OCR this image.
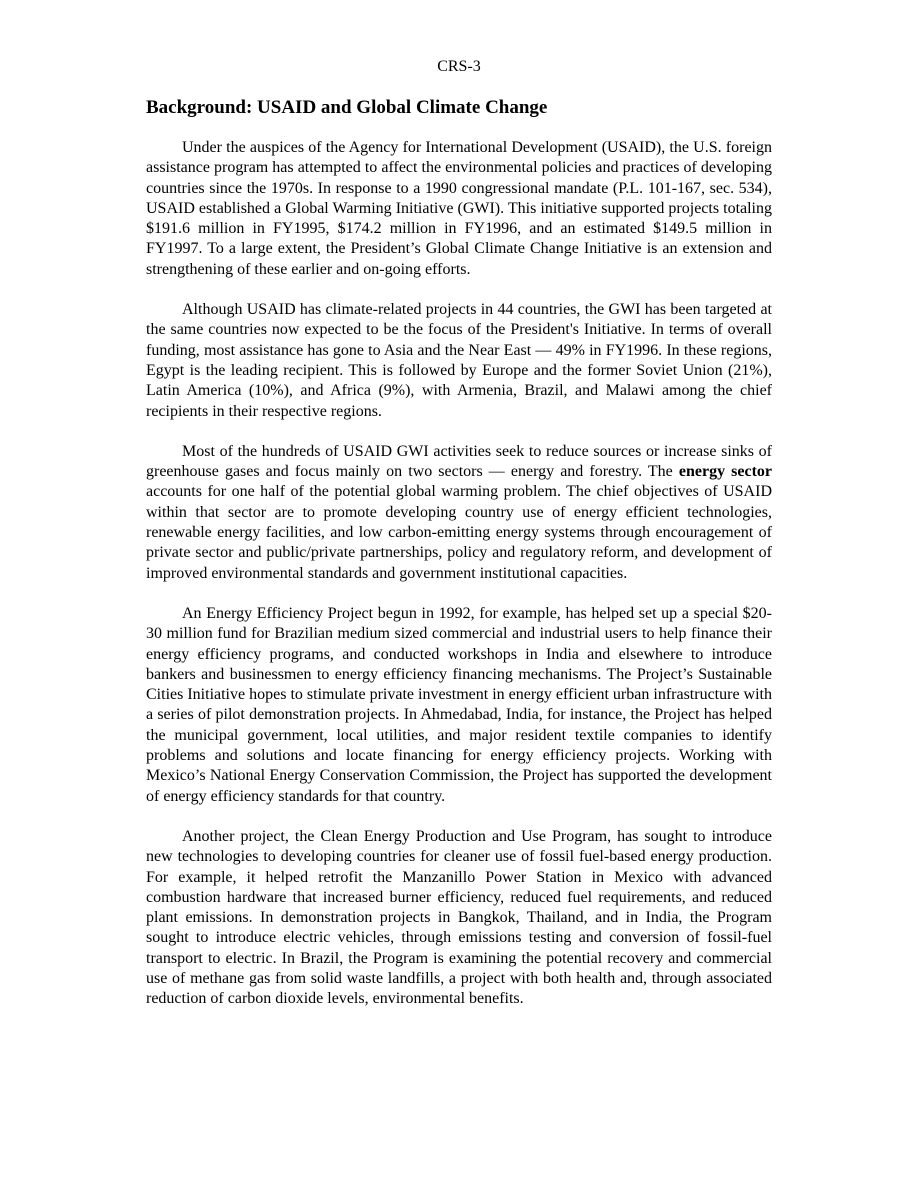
CRS-3
Background: USAID and Global Climate Change

Under the auspices of the Agency for International Development (USAID), the U.S. foreign assistance program has attempted to affect the environmental policies and practices of developing countries since the 1970s. In response to a 1990 congressional mandate (P.L. 101-167, sec. 534), USAID established a Global Warming Initiative (GWI). This initiative supported projects totaling $191.6 million in FY1995, $174.2 million in FY1996, and an estimated $149.5 million in FY1997. To a large extent, the President’s Global Climate Change Initiative is an extension and strengthening of these earlier and on-going efforts.

Although USAID has climate-related projects in 44 countries, the GWI has been targeted at the same countries now expected to be the focus of the President's Initiative. In terms of overall funding, most assistance has gone to Asia and the Near East — 49% in FY1996. In these regions, Egypt is the leading recipient. This is followed by Europe and the former Soviet Union (21%), Latin America (10%), and Africa (9%), with Armenia, Brazil, and Malawi among the chief recipients in their respective regions.

Most of the hundreds of USAID GWI activities seek to reduce sources or increase sinks of greenhouse gases and focus mainly on two sectors — energy and forestry. The energy sector accounts for one half of the potential global warming problem. The chief objectives of USAID within that sector are to promote developing country use of energy efficient technologies, renewable energy facilities, and low carbon-emitting energy systems through encouragement of private sector and public/private partnerships, policy and regulatory reform, and development of improved environmental standards and government institutional capacities.

An Energy Efficiency Project begun in 1992, for example, has helped set up a special $20-30 million fund for Brazilian medium sized commercial and industrial users to help finance their energy efficiency programs, and conducted workshops in India and elsewhere to introduce bankers and businessmen to energy efficiency financing mechanisms. The Project’s Sustainable Cities Initiative hopes to stimulate private investment in energy efficient urban infrastructure with a series of pilot demonstration projects. In Ahmedabad, India, for instance, the Project has helped the municipal government, local utilities, and major resident textile companies to identify problems and solutions and locate financing for energy efficiency projects. Working with Mexico’s National Energy Conservation Commission, the Project has supported the development of energy efficiency standards for that country.

Another project, the Clean Energy Production and Use Program, has sought to introduce new technologies to developing countries for cleaner use of fossil fuel-based energy production. For example, it helped retrofit the Manzanillo Power Station in Mexico with advanced combustion hardware that increased burner efficiency, reduced fuel requirements, and reduced plant emissions. In demonstration projects in Bangkok, Thailand, and in India, the Program sought to introduce electric vehicles, through emissions testing and conversion of fossil-fuel transport to electric. In Brazil, the Program is examining the potential recovery and commercial use of methane gas from solid waste landfills, a project with both health and, through associated reduction of carbon dioxide levels, environmental benefits.
